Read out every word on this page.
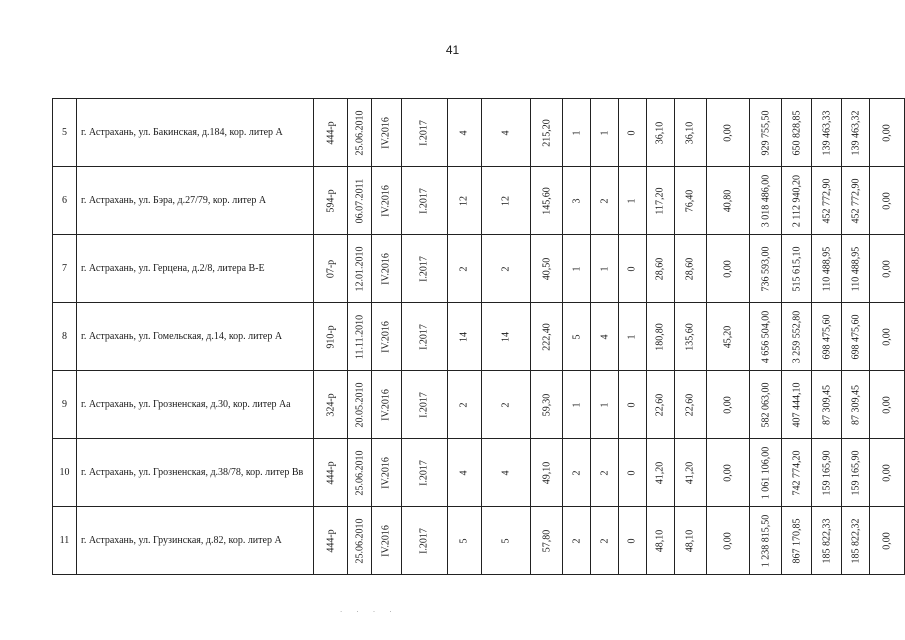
41
5	г. Астрахань, ул. Бакинская, д.184, кор. литер А	444-р	25.06.2010	IV.2016	I.2017	4	4	215,20	1	1	0	36,10	36,10	0,00	929 755,50	650 828,85	139 463,33	139 463,32	0,00

6	г. Астрахань, ул. Бэра, д.27/79, кор. литер А	594-р	06.07.2011	IV.2016	I.2017	12	12	145,60	3	2	1	117,20	76,40	40,80	3 018 486,00	2 112 940,20	452 772,90	452 772,90	0,00

7	г. Астрахань, ул. Герцена, д.2/8, литера В-Е	07-р	12.01.2010	IV.2016	I.2017	2	2	40,50	1	1	0	28,60	28,60	0,00	736 593,00	515 615,10	110 488,95	110 488,95	0,00

8	г. Астрахань, ул. Гомельская, д.14, кор. литер А	910-р	11.11.2010	IV.2016	I.2017	14	14	222,40	5	4	1	180,80	135,60	45,20	4 656 504,00	3 259 552,80	698 475,60	698 475,60	0,00

9	г. Астрахань, ул. Грозненская, д.30, кор. литер Аа	324-р	20.05.2010	IV.2016	I.2017	2	2	59,30	1	1	0	22,60	22,60	0,00	582 063,00	407 444,10	87 309,45	87 309,45	0,00

10	г. Астрахань, ул. Грозненская, д.38/78, кор. литер Вв	444-р	25.06.2010	IV.2016	I.2017	4	4	49,10	2	2	0	41,20	41,20	0,00	1 061 106,00	742 774,20	159 165,90	159 165,90	0,00

11	г. Астрахань, ул. Грузинская, д.82, кор. литер А	444-р	25.06.2010	IV.2016	I.2017	5	5	57,80	2	2	0	48,10	48,10	0,00	1 238 815,50	867 170,85	185 822,33	185 822,32	0,00
. . . .
